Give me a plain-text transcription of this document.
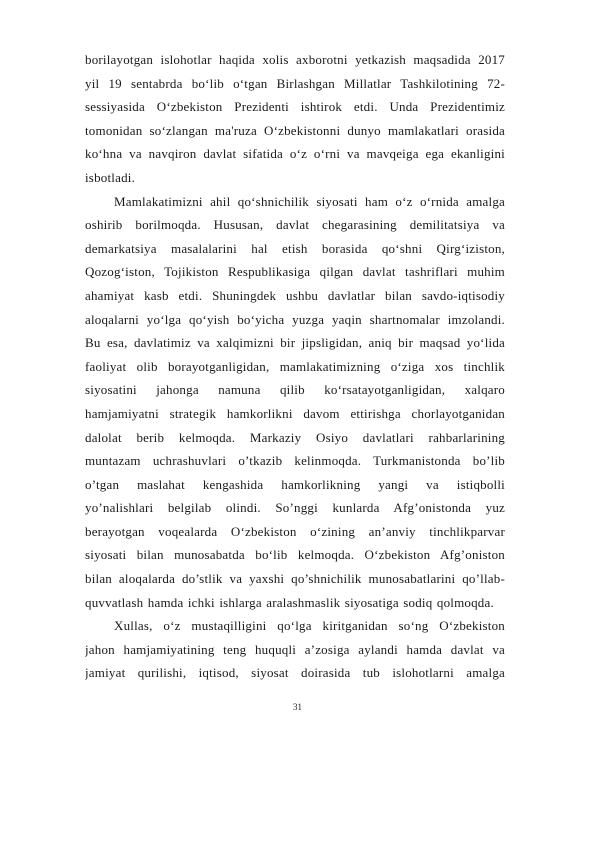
borilayotgan islohotlar haqida xolis axborotni yetkazish maqsadida 2017
yil 19 sentabrda bo‘lib o‘tgan Birlashgan Millatlar Tashkilotining 72-
sessiyasida O‘zbekiston Prezidenti ishtirok etdi. Unda Prezidentimiz
tomonidan so‘zlangan ma'ruza O‘zbekistonni dunyo mamlakatlari orasida
ko‘hna va navqiron davlat sifatida o‘z o‘rni va mavqeiga ega ekanligini
isbotladi.
Mamlakatimizni ahil qo‘shnichilik siyosati ham o‘z o‘rnida amalga
oshirib borilmoqda. Hususan, davlat chegarasining demilitatsiya va
demarkatsiya masalalarini hal etish borasida qo‘shni Qirg‘iziston,
Qozog‘iston, Tojikiston Respublikasiga qilgan davlat tashriflari muhim
ahamiyat kasb etdi. Shuningdek ushbu davlatlar bilan savdo-iqtisodiy
aloqalarni yo‘lga qo‘yish bo‘yicha yuzga yaqin shartnomalar imzolandi.
Bu esa, davlatimiz va xalqimizni bir jipsligidan, aniq bir maqsad yo‘lida
faoliyat olib borayotganligidan, mamlakatimizning o‘ziga xos tinchlik
siyosatini jahonga namuna qilib ko‘rsatayotganligidan, xalqaro
hamjamiyatni strategik hamkorlikni davom ettirishga chorlayotganidan
dalolat berib kelmoqda. Markaziy Osiyo davlatlari rahbarlarining
muntazam uchrashuvlari o’tkazib kelinmoqda. Turkmanistonda bo’lib
o’tgan maslahat kengashida hamkorlikning yangi va istiqbolli
yo’nalishlari belgilab olindi. So’nggi kunlarda Afg’onistonda yuz
berayotgan voqealarda O‘zbekiston o‘zining an’anviy tinchlikparvar
siyosati bilan munosabatda bo‘lib kelmoqda. O‘zbekiston Afg’oniston
bilan aloqalarda do’stlik va yaxshi qo’shnichilik munosabatlarini qo’llab-
quvvatlash hamda ichki ishlarga aralashmaslik siyosatiga sodiq qolmoqda.
Xullas, o‘z mustaqilligini qo‘lga kiritganidan so‘ng O‘zbekiston
jahon hamjamiyatining teng huquqli a’zosiga aylandi hamda davlat va
jamiyat qurilishi, iqtisod, siyosat doirasida tub islohotlarni amalga
31
